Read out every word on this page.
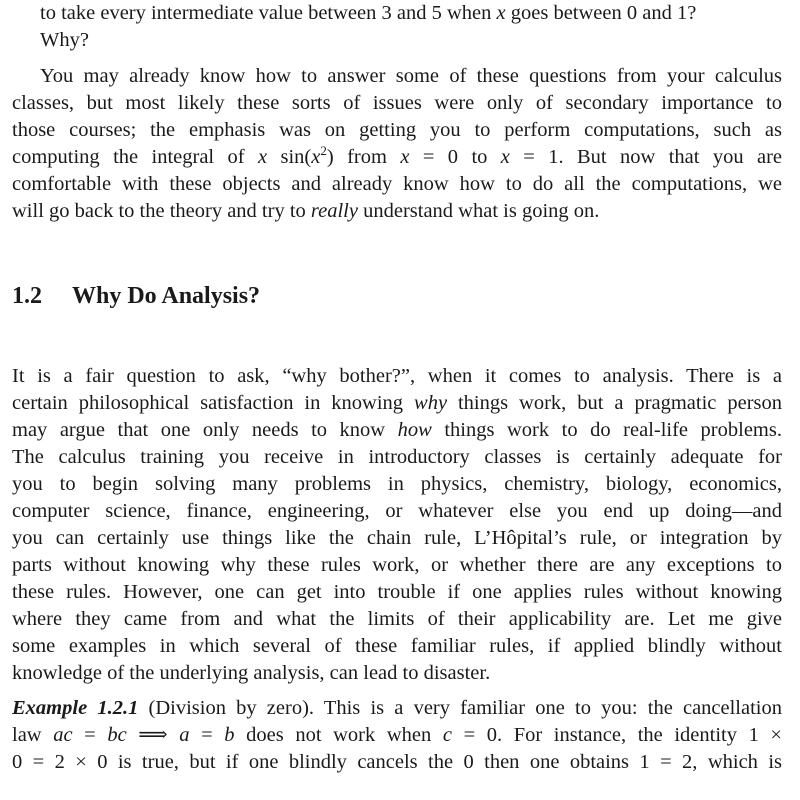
to take every intermediate value between 3 and 5 when x goes between 0 and 1?
Why?
You may already know how to answer some of these questions from your calculus
classes, but most likely these sorts of issues were only of secondary importance to
those courses; the emphasis was on getting you to perform computations, such as
computing the integral of x $\sin(x^2)$ from x = 0 to x = 1. But now that you are
comfortable with these objects and already know how to do all the computations, we
will go back to the theory and try to really understand what is going on.
1.2 Why Do Analysis?
It is a fair question to ask, “why bother?”, when it comes to analysis. There is a
certain philosophical satisfaction in knowing why things work, but a pragmatic person
may argue that one only needs to know how things work to do real-life problems.
The calculus training you receive in introductory classes is certainly adequate for
you to begin solving many problems in physics, chemistry, biology, economics,
computer science, finance, engineering, or whatever else you end up doing—and
you can certainly use things like the chain rule, L’Hôpital’s rule, or integration by
parts without knowing why these rules work, or whether there are any exceptions to
these rules. However, one can get into trouble if one applies rules without knowing
where they came from and what the limits of their applicability are. Let me give
some examples in which several of these familiar rules, if applied blindly without
knowledge of the underlying analysis, can lead to disaster.
Example 1.2.1 (Division by zero). This is a very familiar one to you: the cancellation
law ac = bc ⟹ a = b does not work when c = 0. For instance, the identity 1 ×
0 = 2 × 0 is true, but if one blindly cancels the 0 then one obtains 1 = 2, which is
